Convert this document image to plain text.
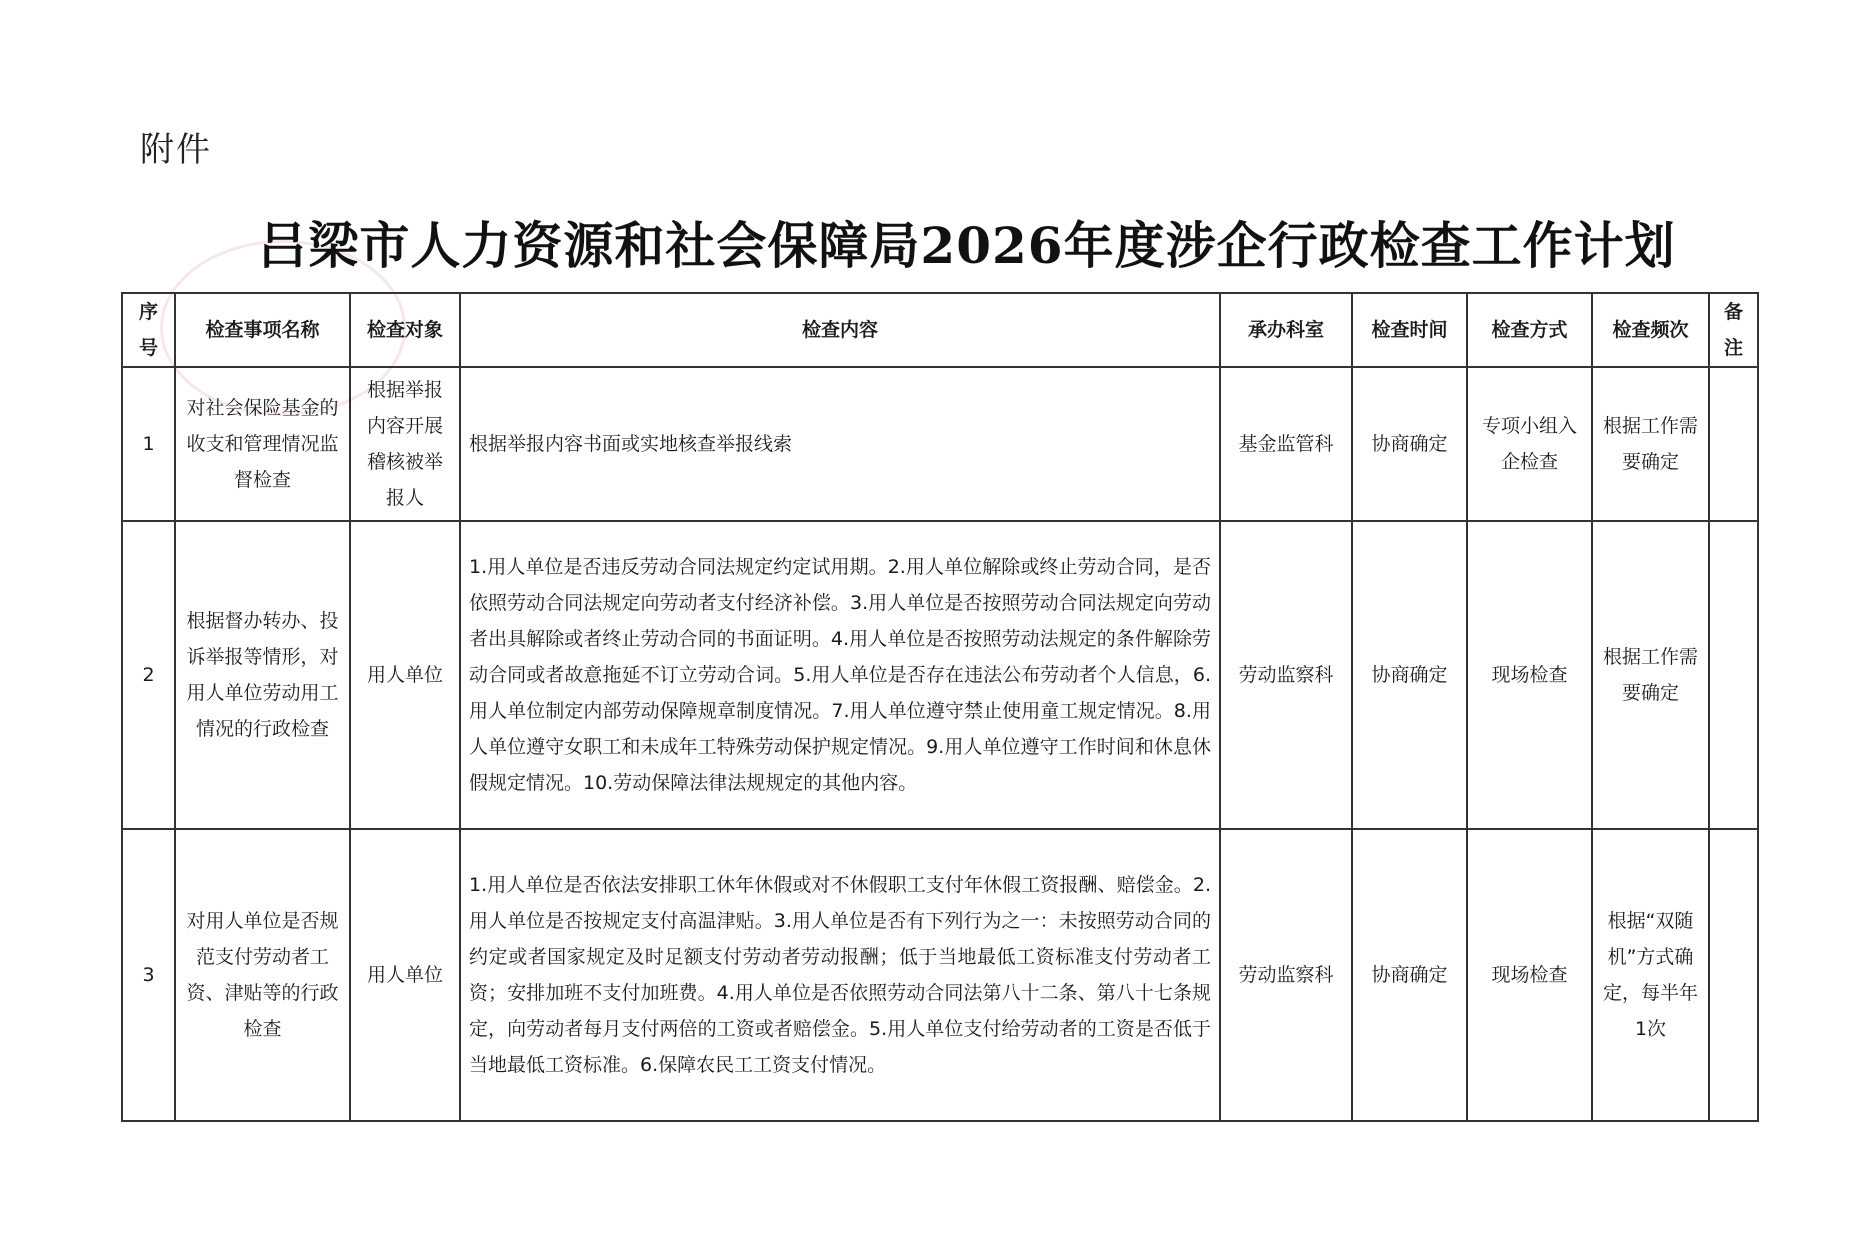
附件
吕梁市人力资源和社会保障局2026年度涉企行政检查工作计划
序号	检查事项名称	检查对象	检查内容	承办科室	检查时间	检查方式	检查频次	备注
1	对社会保险基金的收支和管理情况监督检查	根据举报内容开展稽核被举报人	根据举报内容书面或实地核查举报线索	基金监管科	协商确定	专项小组入企检查	根据工作需要确定	
2	根据督办转办、投诉举报等情形，对用人单位劳动用工情况的行政检查	用人单位	1.用人单位是否违反劳动合同法规定约定试用期。2.用人单位解除或终止劳动合同，是否依照劳动合同法规定向劳动者支付经济补偿。3.用人单位是否按照劳动合同法规定向劳动者出具解除或者终止劳动合同的书面证明。4.用人单位是否按照劳动法规定的条件解除劳动合同或者故意拖延不订立劳动合词。5.用人单位是否存在违法公布劳动者个人信息，6.用人单位制定内部劳动保障规章制度情况。7.用人单位遵守禁止使用童工规定情况。8.用人单位遵守女职工和未成年工特殊劳动保护规定情况。9.用人单位遵守工作时间和休息休假规定情况。10.劳动保障法律法规规定的其他内容。	劳动监察科	协商确定	现场检查	根据工作需要确定	
3	对用人单位是否规范支付劳动者工资、津贴等的行政检查	用人单位	1.用人单位是否依法安排职工休年休假或对不休假职工支付年休假工资报酬、赔偿金。2.用人单位是否按规定支付高温津贴。3.用人单位是否有下列行为之一：未按照劳动合同的约定或者国家规定及时足额支付劳动者劳动报酬；低于当地最低工资标准支付劳动者工资；安排加班不支付加班费。4.用人单位是否依照劳动合同法第八十二条、第八十七条规定，向劳动者每月支付两倍的工资或者赔偿金。5.用人单位支付给劳动者的工资是否低于当地最低工资标准。6.保障农民工工资支付情况。	劳动监察科	协商确定	现场检查	根据“双随机”方式确定，每半年1次	
